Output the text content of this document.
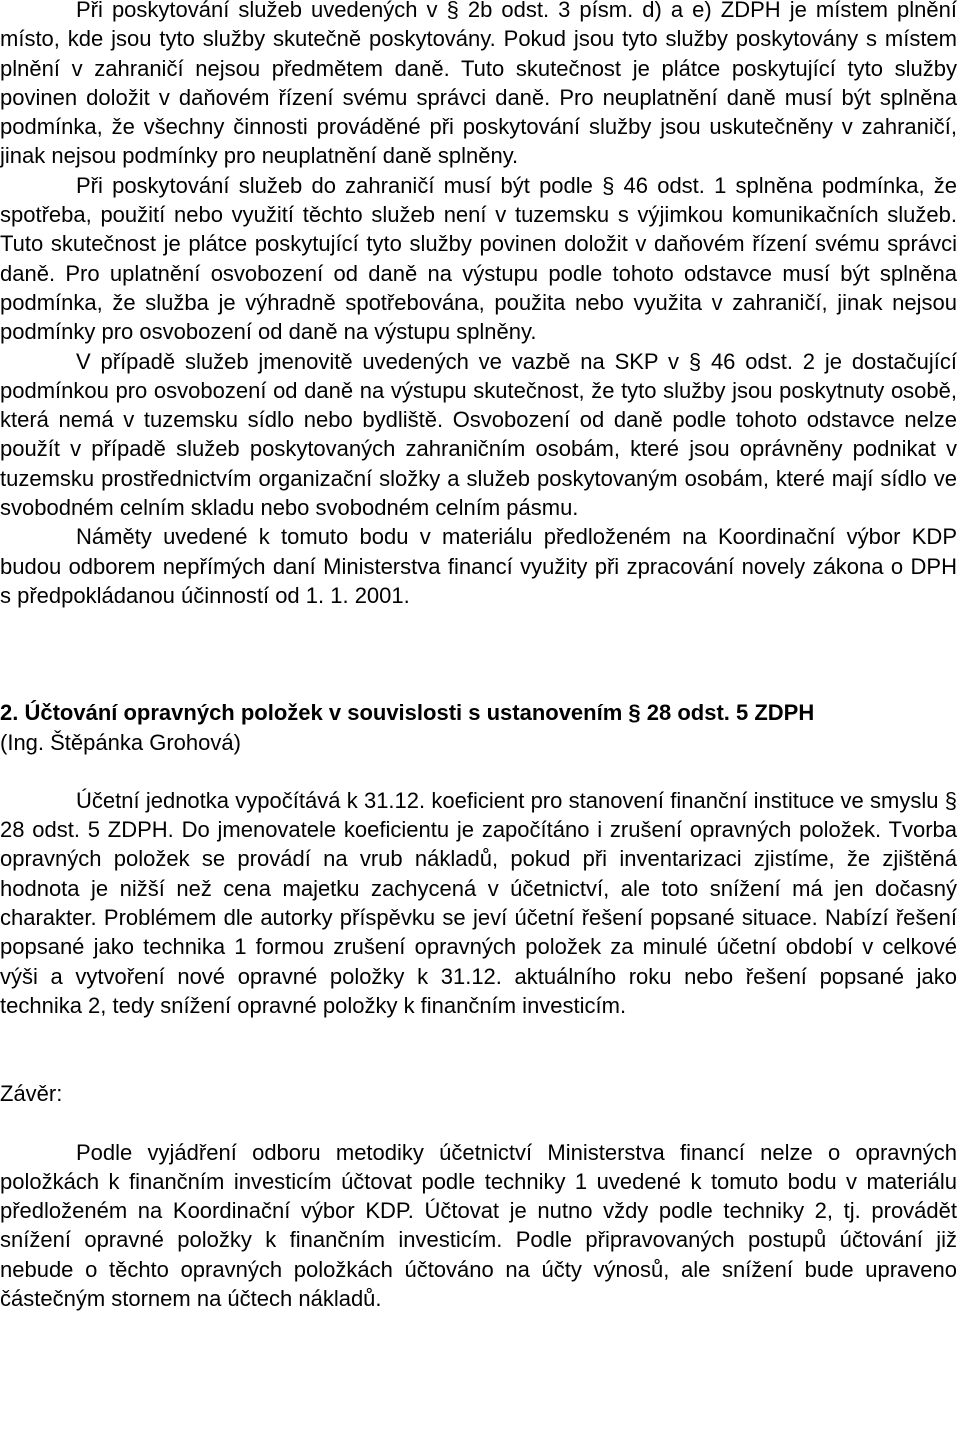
Při poskytování služeb uvedených v § 2b odst. 3 písm. d) a e) ZDPH je místem plnění místo, kde jsou tyto služby skutečně poskytovány. Pokud jsou tyto služby poskytovány s místem plnění v zahraničí nejsou předmětem daně. Tuto skutečnost je plátce poskytující tyto služby povinen doložit v daňovém řízení svému správci daně. Pro neuplatnění daně musí být splněna podmínka, že všechny činnosti prováděné při poskytování služby jsou uskutečněny v zahraničí, jinak nejsou podmínky pro neuplatnění daně splněny.

Při poskytování služeb do zahraničí musí být podle § 46 odst. 1 splněna podmínka, že spotřeba, použití nebo využití těchto služeb není v tuzemsku s výjimkou komunikačních služeb. Tuto skutečnost je plátce poskytující tyto služby povinen doložit v daňovém řízení svému správci daně. Pro uplatnění osvobození od daně na výstupu podle tohoto odstavce musí být splněna podmínka, že služba je výhradně spotřebována, použita nebo využita v zahraničí, jinak nejsou podmínky pro osvobození od daně na výstupu splněny.

V případě služeb jmenovitě uvedených ve vazbě na SKP v § 46 odst. 2 je dostačující podmínkou pro osvobození od daně na výstupu skutečnost, že tyto služby jsou poskytnuty osobě, která nemá v tuzemsku sídlo nebo bydliště. Osvobození od daně podle tohoto odstavce nelze použít v případě služeb poskytovaných zahraničním osobám, které jsou oprávněny podnikat v tuzemsku prostřednictvím organizační složky a služeb poskytovaným osobám, které mají sídlo ve svobodném celním skladu nebo svobodném celním pásmu.

Náměty uvedené k tomuto bodu v materiálu předloženém na Koordinační výbor KDP budou odborem nepřímých daní Ministerstva financí využity při zpracování novely zákona o DPH s předpokládanou účinností od 1. 1. 2001.

2. Účtování opravných položek v souvislosti s ustanovením § 28 odst. 5 ZDPH

(Ing. Štěpánka Grohová)

Účetní jednotka vypočítává k 31.12. koeficient pro stanovení finanční instituce ve smyslu § 28 odst. 5 ZDPH. Do jmenovatele koeficientu je započítáno i zrušení opravných položek. Tvorba opravných položek se provádí na vrub nákladů, pokud při inventarizaci zjistíme, že zjištěná hodnota je nižší než cena majetku zachycená v účetnictví, ale toto snížení má jen dočasný charakter. Problémem dle autorky příspěvku se jeví účetní řešení popsané situace. Nabízí řešení popsané jako technika 1 formou zrušení opravných položek za minulé účetní období v celkové výši a vytvoření nové opravné položky k 31.12. aktuálního roku nebo řešení popsané jako technika 2, tedy snížení opravné položky k finančním investicím.

Závěr:

Podle vyjádření odboru metodiky účetnictví Ministerstva financí nelze o opravných položkách k finančním investicím účtovat podle techniky 1 uvedené k tomuto bodu v materiálu předloženém na Koordinační výbor KDP. Účtovat je nutno vždy podle techniky 2, tj. provádět snížení opravné položky k finančním investicím. Podle připravovaných postupů účtování již nebude o těchto opravných položkách účtováno na účty výnosů, ale snížení bude upraveno částečným stornem na účtech nákladů.
